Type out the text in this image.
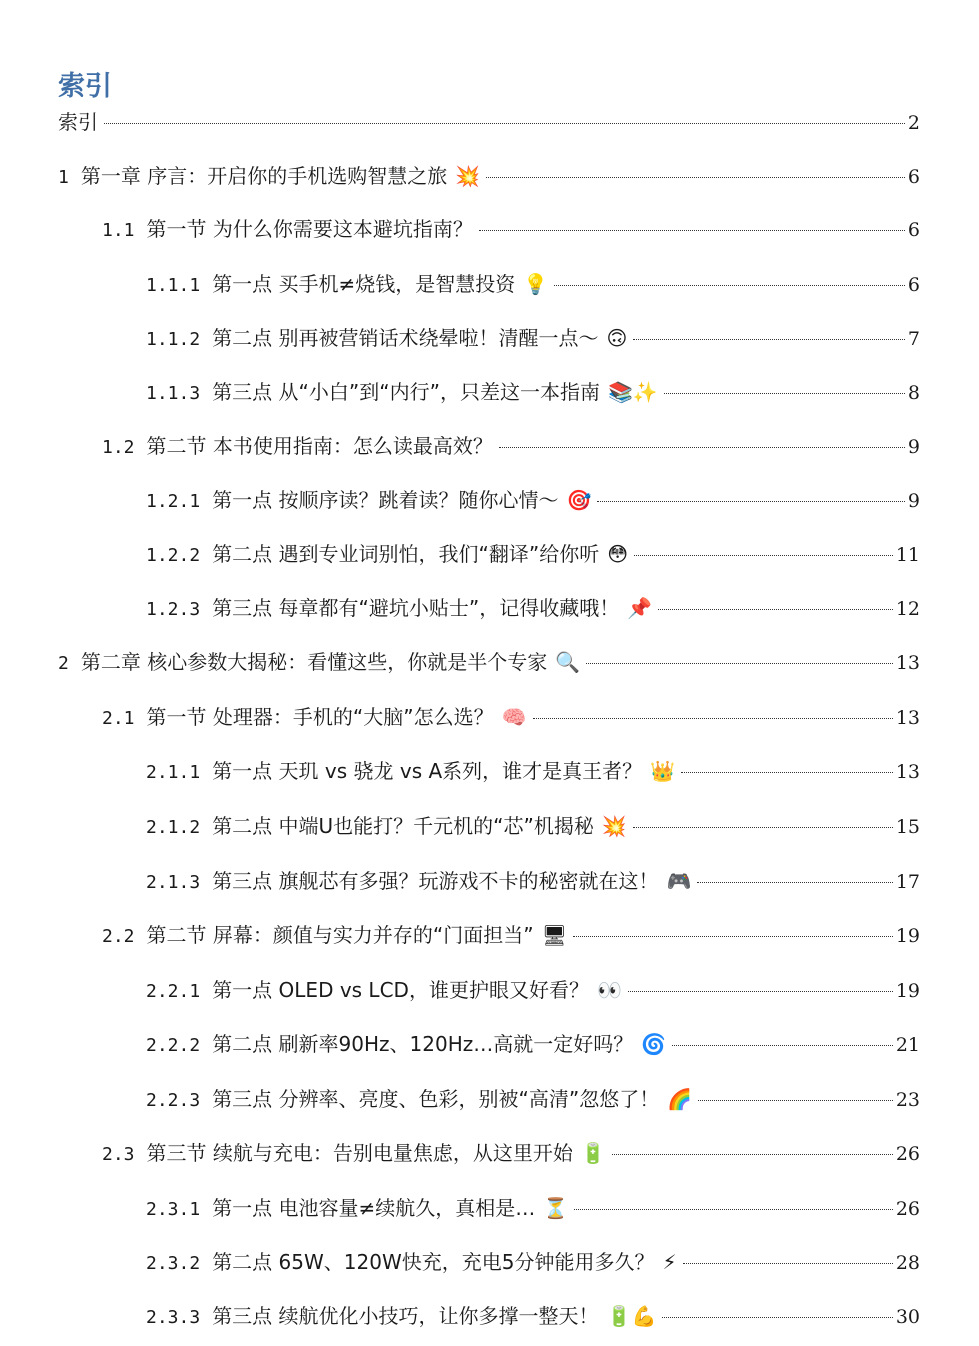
索引
索引	2
1 第一章 序言：开启你的手机选购智慧之旅 💥	6
1.1 第一节 为什么你需要这本避坑指南？	6
1.1.1 第一点 买手机≠烧钱，是智慧投资 💡	6
1.1.2 第二点 别再被营销话术绕晕啦！清醒一点～ 🙃	7
1.1.3 第三点 从“小白”到“内行”，只差这一本指南 📚✨	8
1.2 第二节 本书使用指南：怎么读最高效？	9
1.2.1 第一点 按顺序读？跳着读？随你心情～ 🎯	9
1.2.2 第二点 遇到专业词别怕，我们“翻译”给你听 😳	11
1.2.3 第三点 每章都有“避坑小贴士”，记得收藏哦！ 📌	12
2 第二章 核心参数大揭秘：看懂这些，你就是半个专家 🔍	13
2.1 第一节 处理器：手机的“大脑”怎么选？ 🧠	13
2.1.1 第一点 天玑 vs 骁龙 vs A系列，谁才是真王者？ 👑	13
2.1.2 第二点 中端U也能打？千元机的“芯”机揭秘 💥	15
2.1.3 第三点 旗舰芯有多强？玩游戏不卡的秘密就在这！ 🎮	17
2.2 第二节 屏幕：颜值与实力并存的“门面担当” 🖥	19
2.2.1 第一点 OLED vs LCD，谁更护眼又好看？ 👀	19
2.2.2 第二点 刷新率90Hz、120Hz…高就一定好吗？ 🌀	21
2.2.3 第三点 分辨率、亮度、色彩，别被“高清”忽悠了！ 🌈	23
2.3 第三节 续航与充电：告别电量焦虑，从这里开始 🔋	26
2.3.1 第一点 电池容量≠续航久，真相是… ⏳	26
2.3.2 第二点 65W、120W快充，充电5分钟能用多久？ ⚡	28
2.3.3 第三点 续航优化小技巧，让你多撑一整天！ 🔋💪	30
